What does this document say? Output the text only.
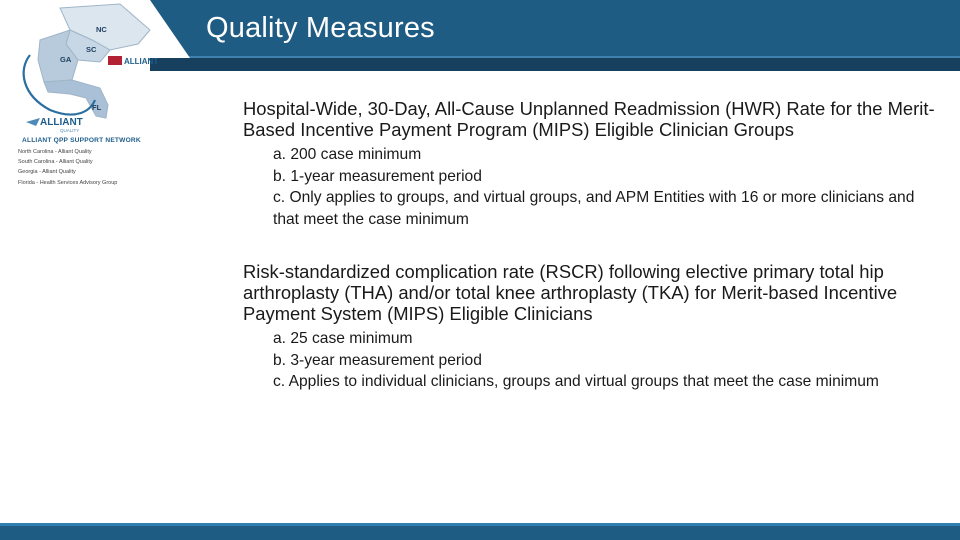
Quality Measures
NC
SC
GA
FL
ALLIANT
ALLIANT
QUALITY
ALLIANT QPP SUPPORT NETWORK
North Carolina - Alliant Quality
South Carolina - Alliant Quality
Georgia - Alliant Quality
Florida - Health Services Advisory Group

Hospital-Wide, 30-Day, All-Cause Unplanned Readmission (HWR) Rate for the Merit-Based Incentive Payment Program (MIPS) Eligible Clinician Groups

a. 200 case minimum
b. 1-year measurement period
c. Only applies to groups, and virtual groups, and APM Entities with 16 or more clinicians and that meet the case minimum

Risk-standardized complication rate (RSCR) following elective primary total hip arthroplasty (THA) and/or total knee arthroplasty (TKA) for Merit-based Incentive Payment System (MIPS) Eligible Clinicians

a. 25 case minimum
b. 3-year measurement period
c. Applies to individual clinicians, groups and virtual groups that meet the case minimum
